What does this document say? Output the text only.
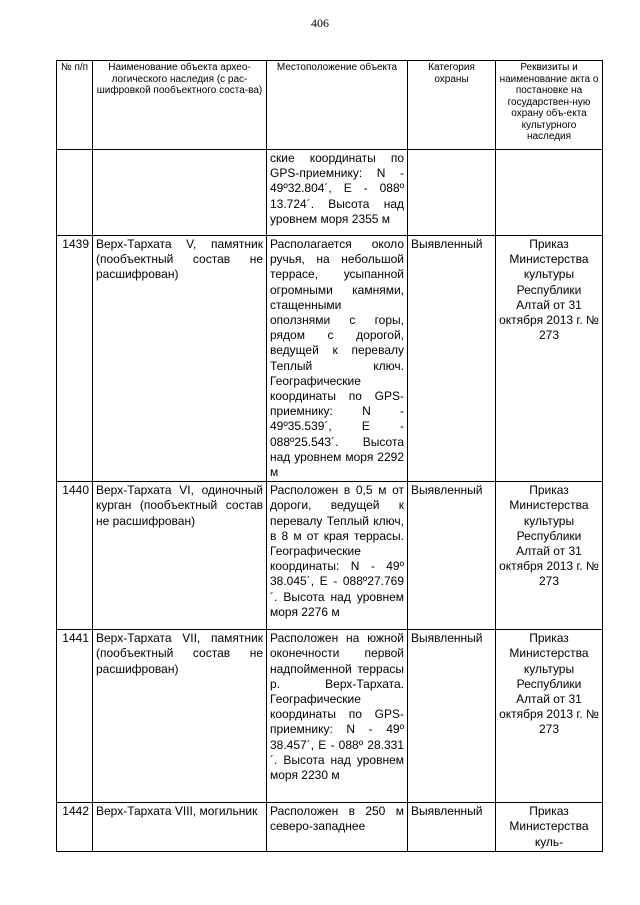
406
№ п/п	Наименование объекта архео-логического наследия (с рас-шифровкой пообъектного соста-ва)	Местоположение объекта	Категория охраны	Реквизиты и наименование акта о постановке на государствен-ную охрану объ-екта культурного наследия
		ские координаты по GPS-приемнику: N - 49º32.804´, E - 088º 13.724´. Высота над уровнем моря 2355 м		
1439	Верх-Тархата V, памятник (пообъектный состав не расшифрован)	Располагается около ручья, на небольшой террасе, усыпанной огромными камнями, стащенными оползнями с горы, рядом с дорогой, ведущей к перевалу Теплый ключ. Географические координаты по GPS-приемнику: N - 49º35.539´, E - 088º25.543´. Высота над уровнем моря 2292 м	Выявленный	Приказ Министерства культуры Республики Алтай от 31 октября 2013 г. № 273
1440	Верх-Тархата VI, одиночный курган (пообъектный состав не расшифрован)	Расположен в 0,5 м от дороги, ведущей к перевалу Теплый ключ, в 8 м от края террасы. Географические координаты: N - 49º 38.045´, E - 088º27.769´. Высота над уровнем моря 2276 м	Выявленный	Приказ Министерства культуры Республики Алтай от 31 октября 2013 г. № 273
1441	Верх-Тархата VII, памятник (пообъектный состав не расшифрован)	Расположен на южной оконечности первой надпойменной террасы р. Верх-Тархата. Географические координаты по GPS-приемнику: N - 49º 38.457´, E - 088º 28.331´. Высота над уровнем моря 2230 м	Выявленный	Приказ Министерства культуры Республики Алтай от 31 октября 2013 г. № 273
1442	Верх-Тархата VIII, могильник	Расположен в 250 м северо-западнее	Выявленный	Приказ Министерства куль-
